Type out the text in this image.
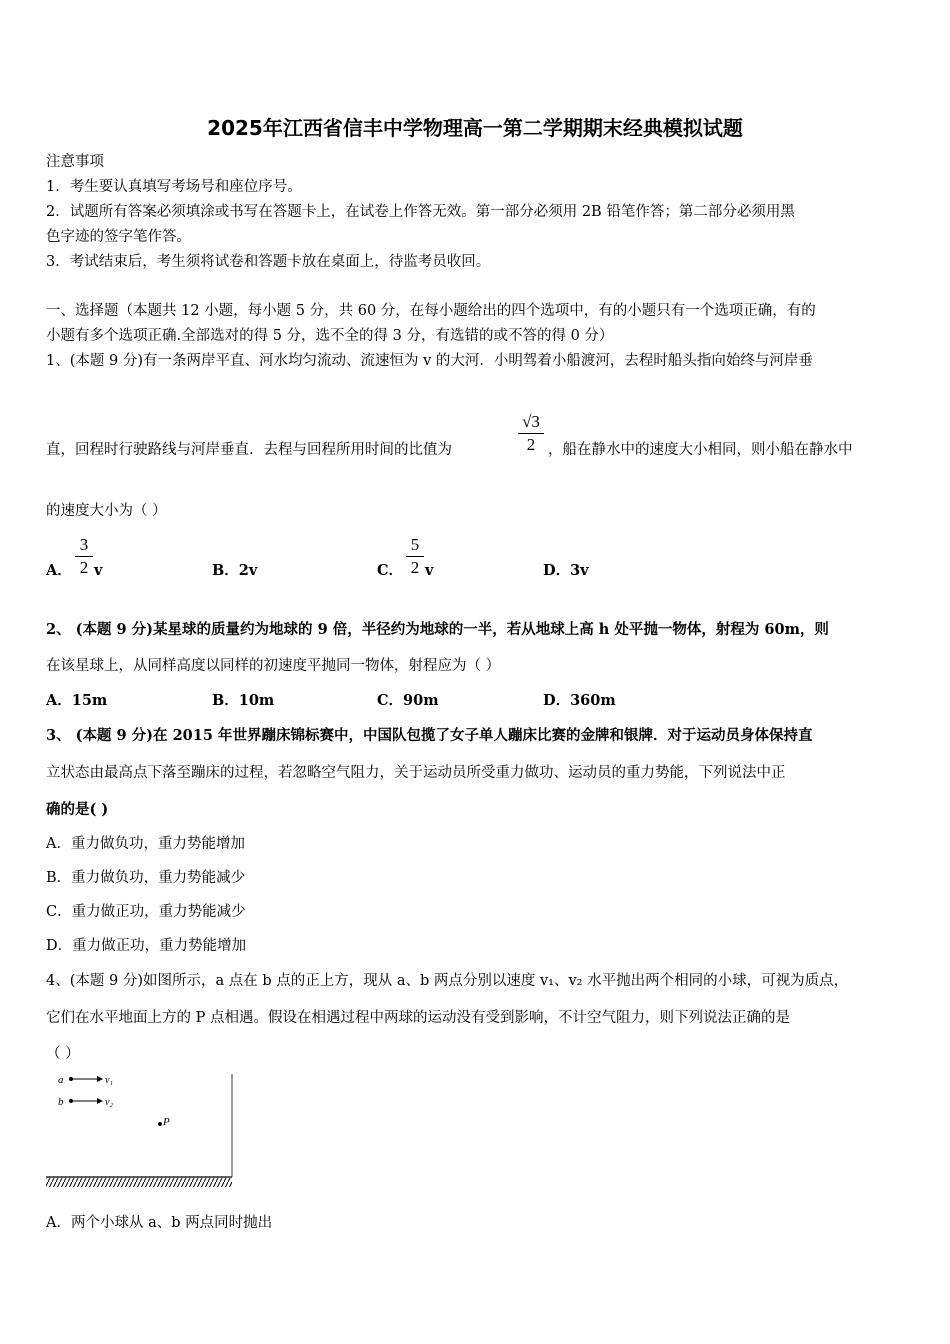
2025年江西省信丰中学物理高一第二学期期末经典模拟试题
注意事项
1．考生要认真填写考场号和座位序号。
2．试题所有答案必须填涂或书写在答题卡上，在试卷上作答无效。第一部分必须用 2B 铅笔作答；第二部分必须用黑
色字迹的签字笔作答。
3．考试结束后，考生须将试卷和答题卡放在桌面上，待监考员收回。
一、选择题（本题共 12 小题，每小题 5 分，共 60 分，在每小题给出的四个选项中，有的小题只有一个选项正确，有的
小题有多个选项正确.全部选对的得 5 分，选不全的得 3 分，有选错的或不答的得 0 分）
1、(本题 9 分)有一条两岸平直、河水均匀流动、流速恒为 v 的大河．小明驾着小船渡河，去程时船头指向始终与河岸垂
直，回程时行驶路线与河岸垂直．去程与回程所用时间的比值为
√3
2 ，船在静水中的速度大小相同，则小船在静水中
的速度大小为（ ）
A．
3
2 v	B．2v	C．
5
2 v	D．3v
2、 (本题 9 分)某星球的质量约为地球的 9 倍，半径约为地球的一半，若从地球上高 h 处平抛一物体，射程为 60m，则
在该星球上，从同样高度以同样的初速度平抛同一物体，射程应为（ ）
A．15m	B．10m	C．90m	D．360m
3、 (本题 9 分)在 2015 年世界蹦床锦标赛中，中国队包揽了女子单人蹦床比赛的金牌和银牌．对于运动员身体保持直
立状态由最高点下落至蹦床的过程，若忽略空气阻力，关于运动员所受重力做功、运动员的重力势能，下列说法中正
确的是( )
A．重力做负功，重力势能增加
B．重力做负功，重力势能减少
C．重力做正功，重力势能减少
D．重力做正功，重力势能增加
4、(本题 9 分)如图所示，a 点在 b 点的正上方，现从 a、b 两点分别以速度 v₁、v₂ 水平抛出两个相同的小球，可视为质点，
它们在水平地面上方的 P 点相遇。假设在相遇过程中两球的运动没有受到影响，不计空气阻力，则下列说法正确的是
（ ）
a	v₁
b	v₂
P
A．两个小球从 a、b 两点同时抛出
